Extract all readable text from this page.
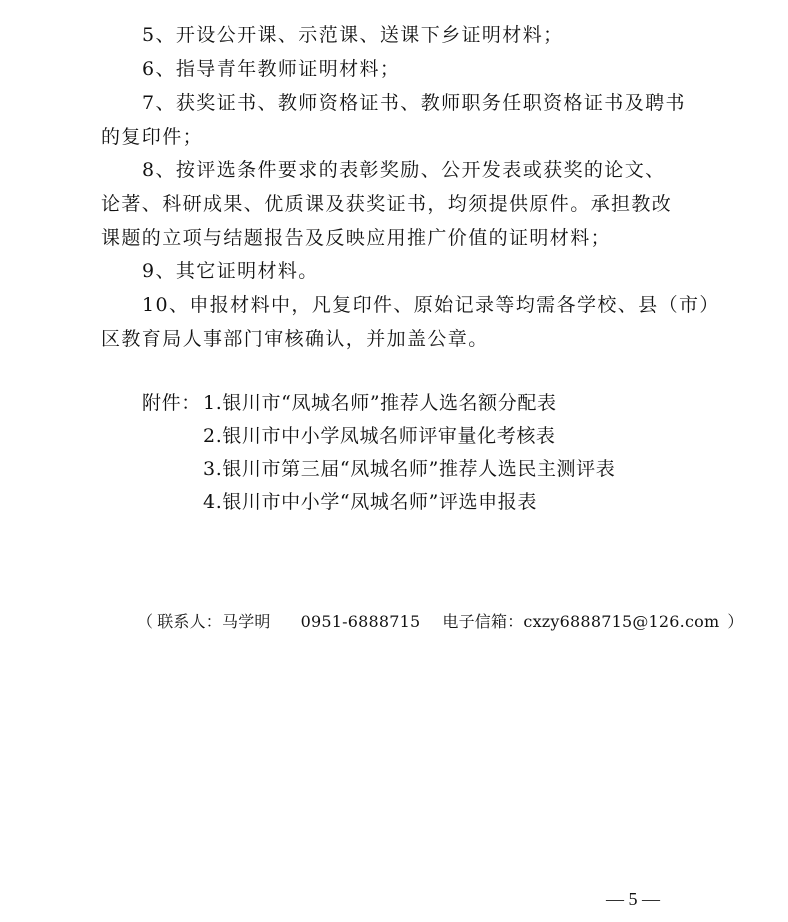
5、开设公开课、示范课、送课下乡证明材料；
6、指导青年教师证明材料；
7、获奖证书、教师资格证书、教师职务任职资格证书及聘书
的复印件；
8、按评选条件要求的表彰奖励、公开发表或获奖的论文、
论著、科研成果、优质课及获奖证书，均须提供原件。承担教改
课题的立项与结题报告及反映应用推广价值的证明材料；
9、其它证明材料。
10、申报材料中，凡复印件、原始记录等均需各学校、县（市）
区教育局人事部门审核确认，并加盖公章。
附件： 1.银川市“凤城名师”推荐人选名额分配表
2.银川市中小学凤城名师评审量化考核表
3.银川市第三届“凤城名师”推荐人选民主测评表
4.银川市中小学“凤城名师”评选申报表
（ 联系人：马学明 0951-6888715 电子信箱：cxzy6888715@126.com ）
— 5 —
